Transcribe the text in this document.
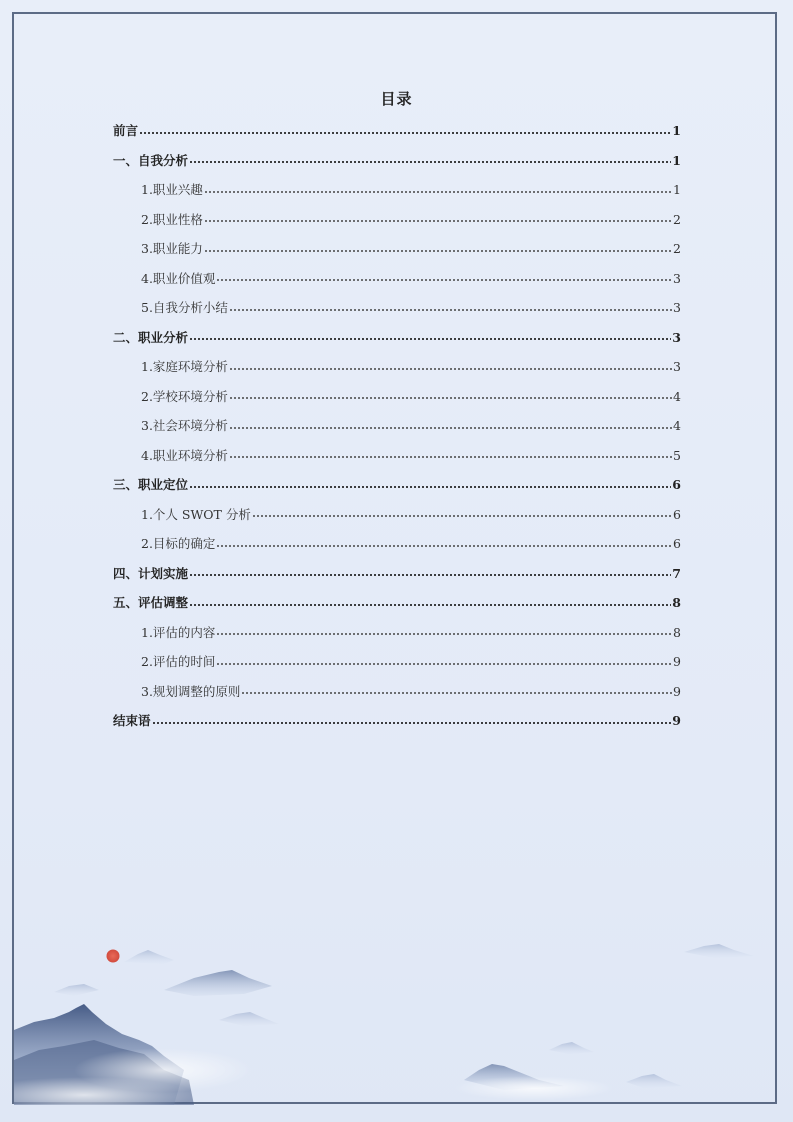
目录
前言	1
一、自我分析	1
1.职业兴趣	1
2.职业性格	2
3.职业能力	2
4.职业价值观	3
5.自我分析小结	3
二、职业分析	3
1.家庭环境分析	3
2.学校环境分析	4
3.社会环境分析	4
4.职业环境分析	5
三、职业定位	6
1.个人 SWOT 分析	6
2.目标的确定	6
四、计划实施	7
五、评估调整	8
1.评估的内容	8
2.评估的时间	9
3.规划调整的原则	9
结束语	9
